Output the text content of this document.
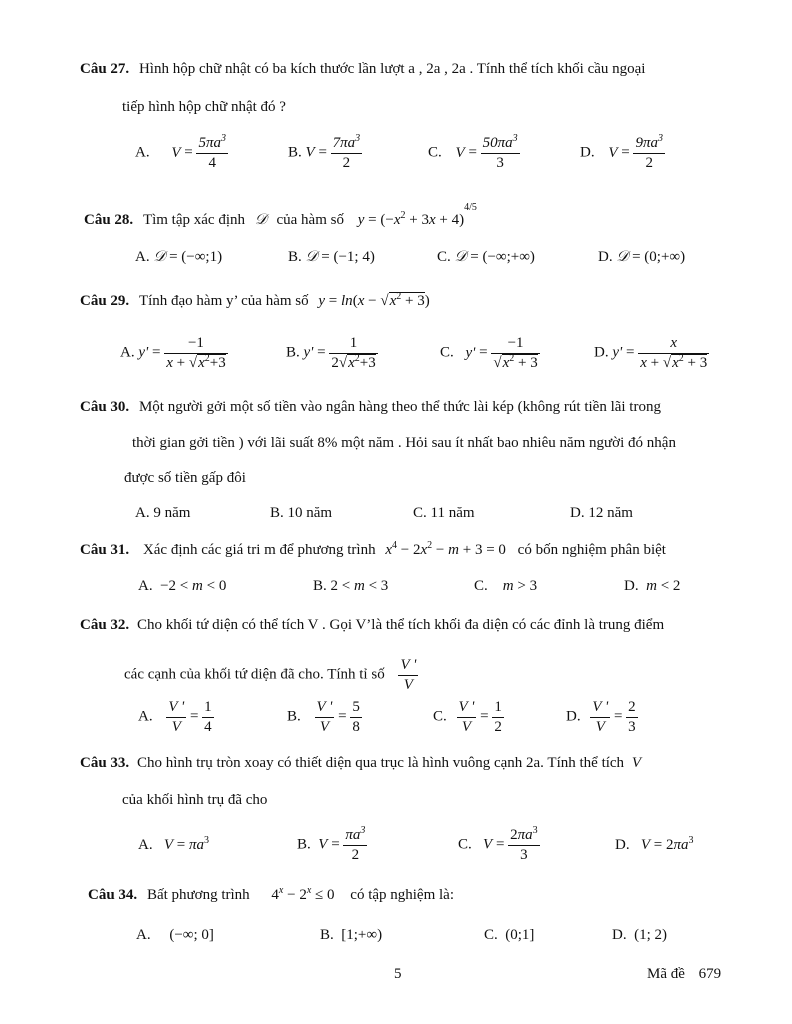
Câu 27. Hình hộp chữ nhật có ba kích thước lần lượt a , 2a , 2a . Tính thể tích khối cầu ngoại
tiếp hình hộp chữ nhật đó ?
A. $V = \frac{5\pi a^3}{4}$	B. $V = \frac{7\pi a^3}{2}$	C. $V = \frac{50\pi a^3}{3}$	D. $V = \frac{9\pi a^3}{2}$
Câu 28. Tìm tập xác định 𝒟 của hàm số $y = (-x^2 + 3x + 4)^{4/5}$
A. 𝒟 = (−∞;1)	B. 𝒟 = (−1; 4)	C. 𝒟 = (−∞;+∞)	D. 𝒟 = (0;+∞)
Câu 29. Tính đạo hàm y’ của hàm số $y = \ln(x - √x^2 + 3)$
A. $y' = \frac{-1}{x + √x^2+3}$	B. $y' = \frac{1}{2√x^2+3}$	C. $y' = \frac{-1}{√x^2 + 3}$	D. $y' = \frac{x}{x + √x^2 + 3}$
Câu 30. Một người gởi một số tiền vào ngân hàng theo thể thức lài kép (không rút tiền lãi trong
thời gian gởi tiền ) với lãi suất 8% một năm . Hỏi sau ít nhất bao nhiêu năm người đó nhận
được số tiền gấp đôi
A. 9 năm	B. 10 năm	C. 11 năm	D. 12 năm
Câu 31. Xác định các giá tri m để phương trình $x^4 - 2x^2 - m + 3 = 0$ có bốn nghiệm phân biệt
A.  −2 < m < 0	B. 2 < m < 3	C.    m > 3	D.  m < 2
Câu 32. Cho khối tứ diện có thể tích V . Gọi V’là thể tích khối đa diện có các đỉnh là trung điểm
các cạnh của khối tứ diện đã cho. Tính tỉ số $\frac{V '}{V}$
A. $\frac{V '}{V} = \frac{1}{4}$	B. $\frac{V '}{V} = \frac{5}{8}$	C. $\frac{V '}{V} = \frac{1}{2}$	D. $\frac{V '}{V} = \frac{2}{3}$
Câu 33. Cho hình trụ tròn xoay có thiết diện qua trục là hình vuông cạnh 2a. Tính thể tích V
của khối hình trụ đã cho
A.   $V = \pi a^3$	B.  $V = \frac{\pi a^3}{2}$	C.   $V = \frac{2\pi a^3}{3}$	D.   $V = 2\pi a^3$
Câu 34. Bất phương trình $4^x - 2^x \le 0$ có tập nghiệm là:
A. (−∞; 0]	B. [1;+∞)	C. (0;1]	D. (1; 2)
5	Mã đề 679
